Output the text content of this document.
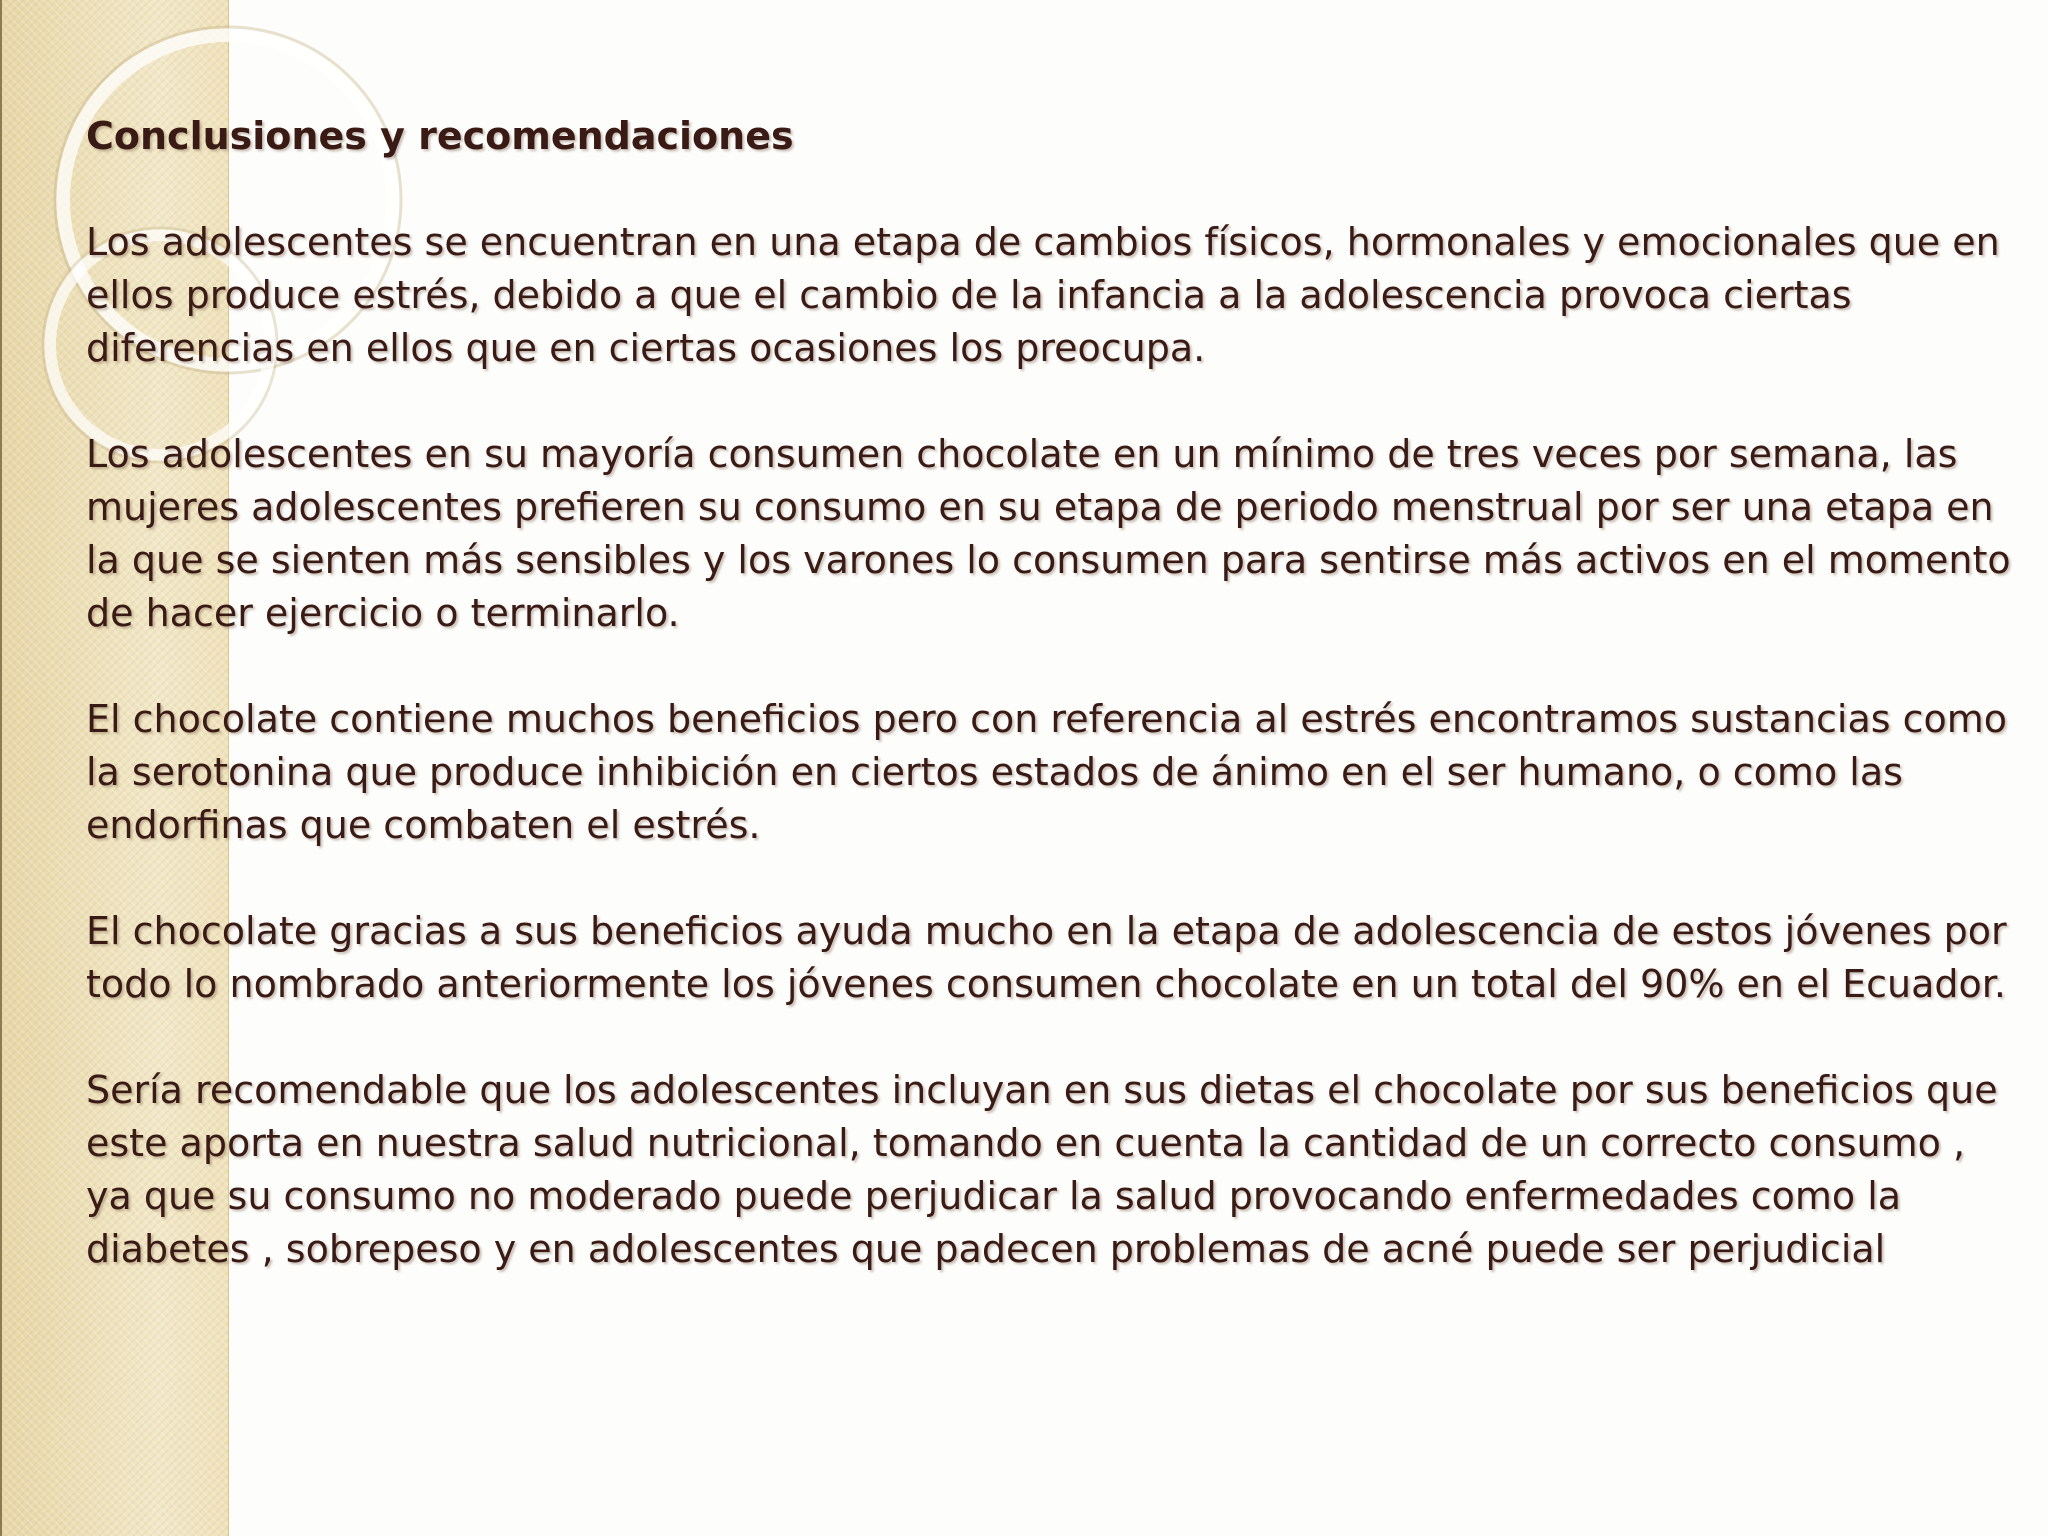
Conclusiones y recomendaciones
Los adolescentes se encuentran en una etapa de cambios físicos, hormonales y emocionales que en ellos produce estrés, debido a que el cambio de la infancia a la adolescencia provoca ciertas diferencias en ellos que en ciertas ocasiones los preocupa.
Los adolescentes en su mayoría consumen chocolate en un mínimo de tres veces por semana, las mujeres adolescentes prefieren su consumo en su etapa de periodo menstrual por ser una etapa en la que se sienten más sensibles y los varones lo consumen para sentirse más activos en el momento de hacer ejercicio o terminarlo.
El chocolate contiene muchos beneficios pero con referencia al estrés encontramos sustancias como la serotonina que produce inhibición en ciertos estados de ánimo en el ser humano, o como las endorfinas que combaten el estrés.
El chocolate gracias a sus beneficios ayuda mucho en la etapa de adolescencia de estos jóvenes por todo lo nombrado anteriormente los jóvenes consumen chocolate en un total del 90% en el Ecuador.
Sería recomendable que los adolescentes incluyan en sus dietas el chocolate por sus beneficios que este aporta en nuestra salud nutricional, tomando en cuenta la cantidad de un correcto consumo , ya que su consumo no moderado puede perjudicar la salud provocando enfermedades como la diabetes , sobrepeso y en adolescentes que padecen problemas de acné puede ser perjudicial
